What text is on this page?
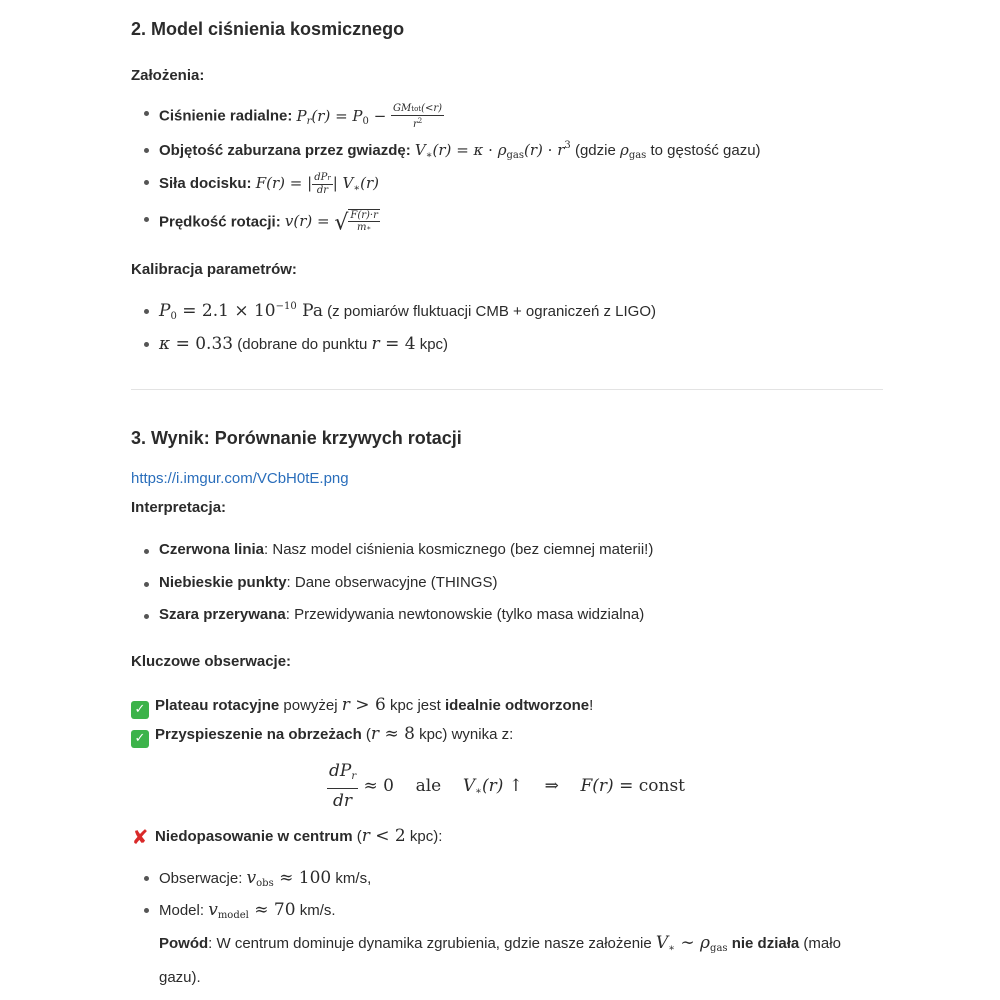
2. Model ciśnienia kosmicznego
Założenia:
Ciśnienie radialne: $P_r(r) = P_0 - \frac{\text{GMtot(<r)}}{r^2}$
Objętość zaburzana przez gwiazdę: $V_∗(r) = \kappa \cdot \rho_{gas}(r) \cdot r^3$ (gdzie $\rho_{gas}$ to gęstość gazu)
Siła docisku: F(r) = | $\frac{\text{dPr}}{dr}$ | $V_∗(r)$
Prędkość rotacji: v(r) = √ $\frac{F(r)\cdot r}{m∗}$
Kalibracja parametrów:
$P_0 = 2.1 \times 10^{-10}$ Pa (z pomiarów fluktuacji CMB + ograniczeń z LIGO)
κ = 0.33 (dobrane do punktu r = 4 kpc)
3. Wynik: Porównanie krzywych rotacji
https://i.imgur.com/VCbH0tE.png
Interpretacja:
Czerwona linia: Nasz model ciśnienia kosmicznego (bez ciemnej materii!)
Niebieskie punkty: Dane obserwacyjne (THINGS)
Szara przerywana: Przewidywania newtonowskie (tylko masa widzialna)
Kluczowe obserwacje:
✓ Plateau rotacyjne powyżej r > 6 kpc jest idealnie odtworzone!
✓ Przyspieszenie na obrzeżach (r ≈ 8 kpc) wynika z:
$\frac{dP_r}{dr} \approx 0$    ale    $V_∗(r)$ ↑    ⇒    F(r) = const
✘ Niedopasowanie w centrum (r < 2 kpc):
Obserwacje: $v_{obs} \approx 100$ km/s,
Model: $v_{model} \approx 70$ km/s.
Powód: W centrum dominuje dynamika zgrubienia, gdzie nasze założenie $V_∗$ ∼ $\rho_{gas}$ nie działa (mało gazu).
